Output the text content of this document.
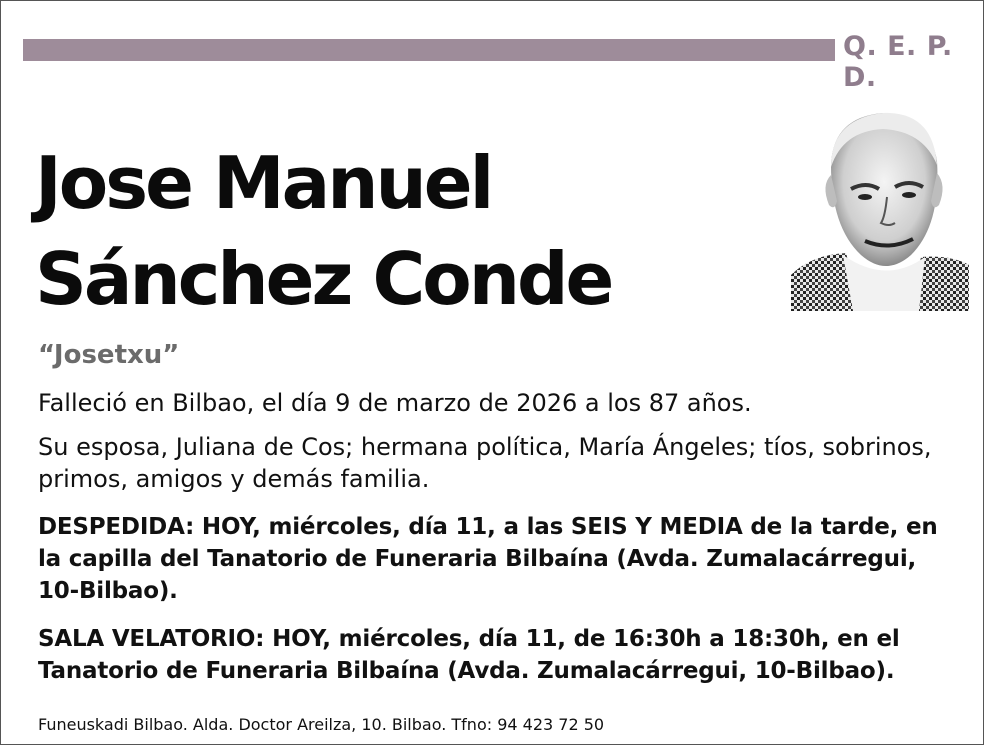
Q. E. P. D.
Jose Manuel
Sánchez Conde
“Josetxu”
Falleció en Bilbao, el día 9 de marzo de 2026 a los 87 años.
Su esposa, Juliana de Cos; hermana política, María Ángeles; tíos, sobrinos, primos, amigos y demás familia.
DESPEDIDA: HOY, miércoles, día 11, a las SEIS Y MEDIA de la tarde, en la capilla del Tanatorio de Funeraria Bilbaína (Avda. Zumalacárregui, 10-Bilbao).
SALA VELATORIO: HOY, miércoles, día 11, de 16:30h a 18:30h, en el Tanatorio de Funeraria Bilbaína (Avda. Zumalacárregui, 10-Bilbao).
Funeuskadi Bilbao. Alda. Doctor Areilza, 10. Bilbao. Tfno: 94 423 72 50
